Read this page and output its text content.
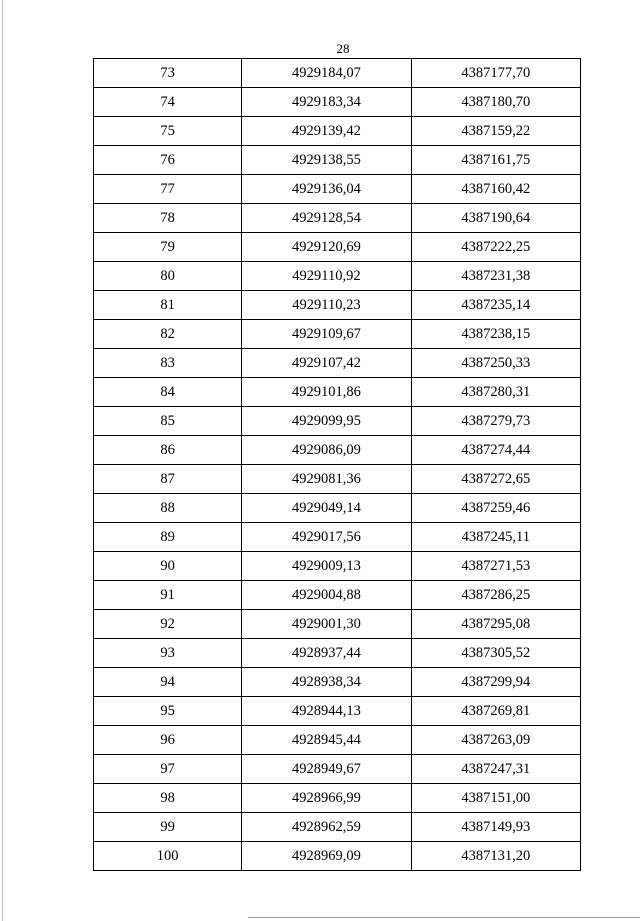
28
73	4929184,07	4387177,70
74	4929183,34	4387180,70
75	4929139,42	4387159,22
76	4929138,55	4387161,75
77	4929136,04	4387160,42
78	4929128,54	4387190,64
79	4929120,69	4387222,25
80	4929110,92	4387231,38
81	4929110,23	4387235,14
82	4929109,67	4387238,15
83	4929107,42	4387250,33
84	4929101,86	4387280,31
85	4929099,95	4387279,73
86	4929086,09	4387274,44
87	4929081,36	4387272,65
88	4929049,14	4387259,46
89	4929017,56	4387245,11
90	4929009,13	4387271,53
91	4929004,88	4387286,25
92	4929001,30	4387295,08
93	4928937,44	4387305,52
94	4928938,34	4387299,94
95	4928944,13	4387269,81
96	4928945,44	4387263,09
97	4928949,67	4387247,31
98	4928966,99	4387151,00
99	4928962,59	4387149,93
100	4928969,09	4387131,20
